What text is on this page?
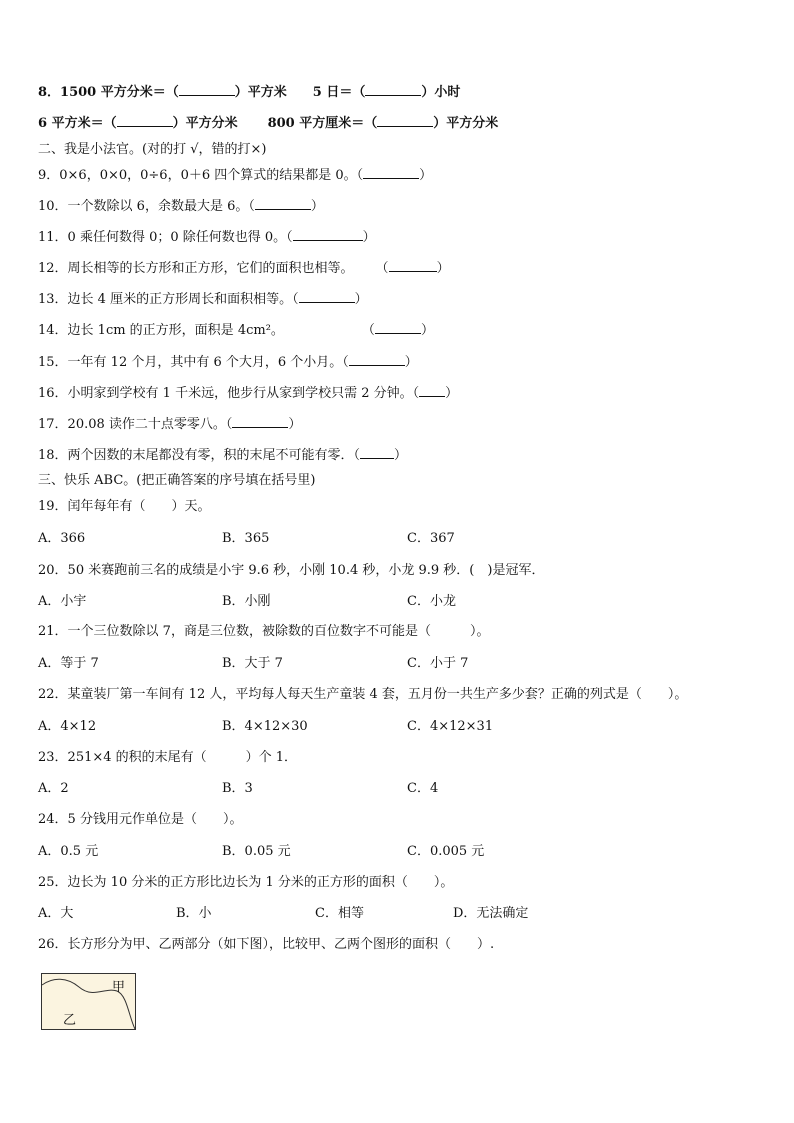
8．1500 平方分米＝（	）平方米 5 日＝（	）小时
6 平方米＝（	）平方分米 800 平方厘米＝（	）平方分米
二、我是小法官。(对的打 √，错的打×)
9．0×6，0×0，0÷6，0＋6 四个算式的结果都是 0。（	）
10．一个数除以 6，余数最大是 6。（	）
11．0 乘任何数得 0；0 除任何数也得 0。（	）
12．周长相等的长方形和正方形，它们的面积也相等。 （	）
13．边长 4 厘米的正方形周长和面积相等。（	）
14．边长 1cm 的正方形，面积是 4cm²。	（	）
15．一年有 12 个月，其中有 6 个大月，6 个小月。（	）
16．小明家到学校有 1 千米远，他步行从家到学校只需 2 分钟。（ ）
17．20.08 读作二十点零零八。（	）
18．两个因数的末尾都没有零，积的末尾不可能有零．（	）
三、快乐 ABC。(把正确答案的序号填在括号里)
19．闰年每年有（　　）天。
A．366	B．365	C．367
20．50 米赛跑前三名的成绩是小宇 9.6 秒，小刚 10.4 秒，小龙 9.9 秒．(　)是冠军．
A．小宇	B．小刚	C．小龙
21．一个三位数除以 7，商是三位数，被除数的百位数字不可能是（　　　）。
A．等于 7	B．大于 7	C．小于 7
22．某童装厂第一车间有 12 人，平均每人每天生产童装 4 套，五月份一共生产多少套？正确的列式是（　　）。
A．4×12	B．4×12×30	C．4×12×31
23．251×4 的积的末尾有（　　　）个 1．
A．2	B．3	C．4
24．5 分钱用元作单位是（　　）。
A．0.5 元	B．0.05 元	C．0.005 元
25．边长为 10 分米的正方形比边长为 1 分米的正方形的面积（　　）。
A．大	B．小	C．相等	D．无法确定
26．长方形分为甲、乙两部分（如下图），比较甲、乙两个图形的面积（　　）.
甲
乙
